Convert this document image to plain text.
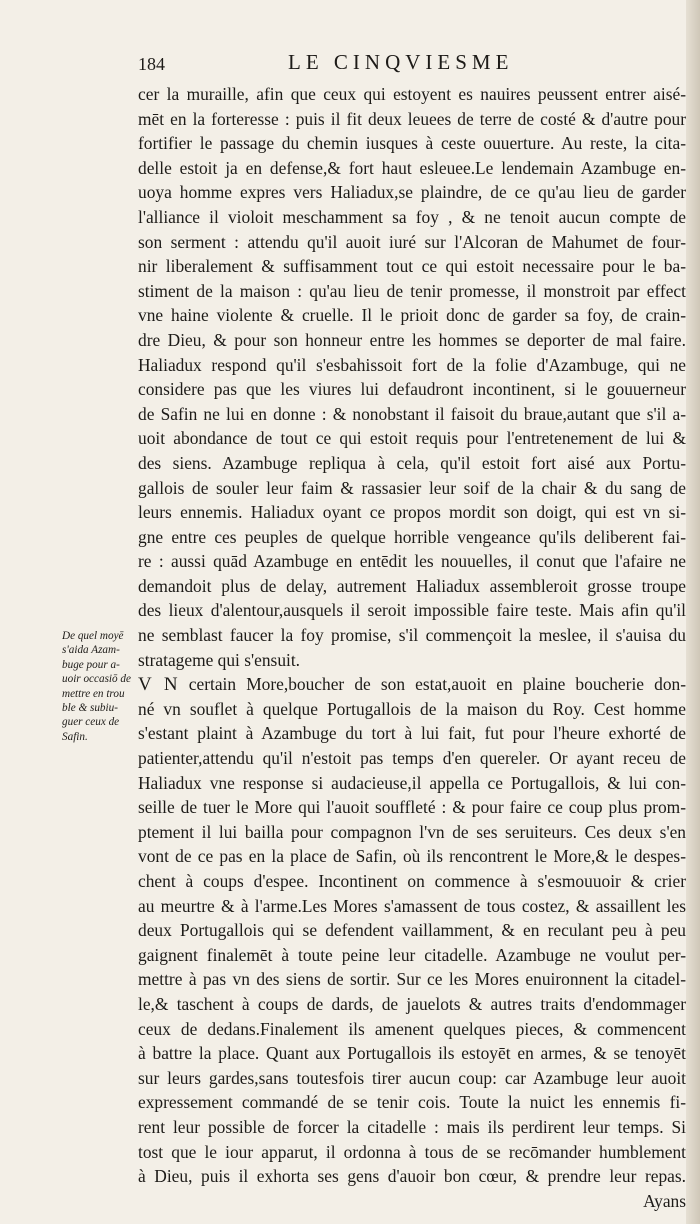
184	LE CINQVIESME
De quel moyē
s'aida Azam-
buge pour a-
uoir occasiō de
mettre en trou
ble & subiu-
guer ceux de
Safin.
cer la muraille, afin que ceux qui estoyent es nauires peussent entrer aisé-
mēt en la forteresse : puis il fit deux leuees de terre de costé & d'autre pour
fortifier le passage du chemin iusques à ceste ouuerture. Au reste, la cita-
delle estoit ja en defense,& fort haut esleuee.Le lendemain Azambuge en-
uoya homme expres vers Haliadux,se plaindre, de ce qu'au lieu de garder
l'alliance il violoit meschamment sa foy , & ne tenoit aucun compte de
son serment : attendu qu'il auoit iuré sur l'Alcoran de Mahumet de four-
nir liberalement & suffisamment tout ce qui estoit necessaire pour le ba-
stiment de la maison : qu'au lieu de tenir promesse, il monstroit par effect
vne haine violente & cruelle. Il le prioit donc de garder sa foy, de crain-
dre Dieu, & pour son honneur entre les hommes se deporter de mal faire.
Haliadux respond qu'il s'esbahissoit fort de la folie d'Azambuge, qui ne
considere pas que les viures lui defaudront incontinent, si le gouuerneur
de Safin ne lui en donne : & nonobstant il faisoit du braue,autant que s'il a-
uoit abondance de tout ce qui estoit requis pour l'entretenement de lui &
des siens. Azambuge repliqua à cela, qu'il estoit fort aisé aux Portu-
gallois de souler leur faim & rassasier leur soif de la chair & du sang de
leurs ennemis. Haliadux oyant ce propos mordit son doigt, qui est vn si-
gne entre ces peuples de quelque horrible vengeance qu'ils deliberent fai-
re : aussi quād Azambuge en entēdit les nouuelles, il conut que l'afaire ne
demandoit plus de delay, autrement Haliadux assembleroit grosse troupe
des lieux d'alentour,ausquels il seroit impossible faire teste. Mais afin qu'il
ne semblast faucer la foy promise, s'il commençoit la meslee, il s'auisa du
stratageme qui s'ensuit.
V N certain More,boucher de son estat,auoit en plaine boucherie don-
né vn souflet à quelque Portugallois de la maison du Roy. Cest homme
s'estant plaint à Azambuge du tort à lui fait, fut pour l'heure exhorté de
patienter,attendu qu'il n'estoit pas temps d'en quereler. Or ayant receu de
Haliadux vne response si audacieuse,il appella ce Portugallois, & lui con-
seille de tuer le More qui l'auoit souffleté : & pour faire ce coup plus prom-
ptement il lui bailla pour compagnon l'vn de ses seruiteurs. Ces deux s'en
vont de ce pas en la place de Safin, où ils rencontrent le More,& le despes-
chent à coups d'espee. Incontinent on commence à s'esmouuoir & crier
au meurtre & à l'arme.Les Mores s'amassent de tous costez, & assaillent les
deux Portugallois qui se defendent vaillamment, & en reculant peu à peu
gaignent finalemēt à toute peine leur citadelle. Azambuge ne voulut per-
mettre à pas vn des siens de sortir. Sur ce les Mores enuironnent la citadel-
le,& taschent à coups de dards, de jauelots & autres traits d'endommager
ceux de dedans.Finalement ils amenent quelques pieces, & commencent
à battre la place. Quant aux Portugallois ils estoyēt en armes, & se tenoyēt
sur leurs gardes,sans toutesfois tirer aucun coup: car Azambuge leur auoit
expressement commandé de se tenir cois. Toute la nuict les ennemis fi-
rent leur possible de forcer la citadelle : mais ils perdirent leur temps. Si
tost que le iour apparut, il ordonna à tous de se recōmander humblement
à Dieu, puis il exhorta ses gens d'auoir bon cœur, & prendre leur repas.
Ayans
